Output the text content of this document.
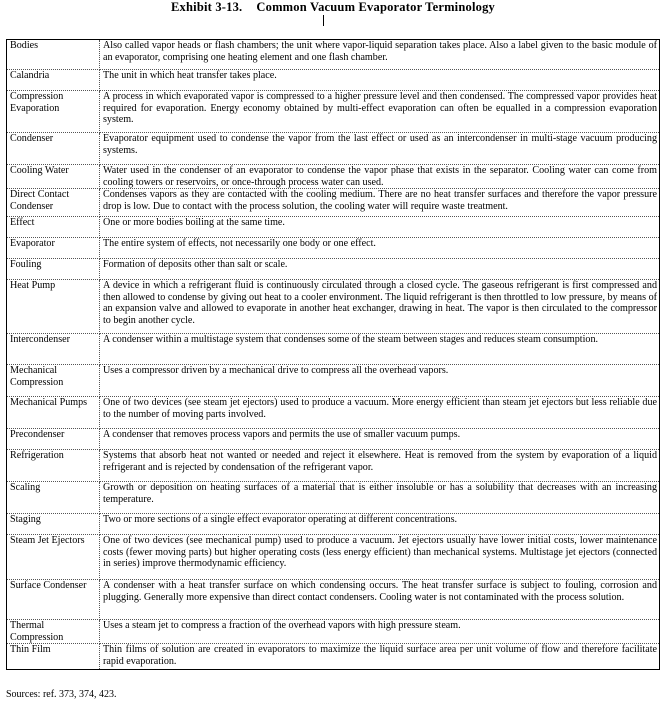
Exhibit 3-13. Common Vacuum Evaporator Terminology
Bodies	Also called vapor heads or flash chambers; the unit where vapor-liquid separation takes place. Also a label given to the basic module of an evaporator, comprising one heating element and one flash chamber.
Calandria	The unit in which heat transfer takes place.
Compression Evaporation	A process in which evaporated vapor is compressed to a higher pressure level and then condensed. The compressed vapor provides heat required for evaporation. Energy economy obtained by multi-effect evaporation can often be equalled in a compression evaporation system.
Condenser	Evaporator equipment used to condense the vapor from the last effect or used as an intercondenser in multi-stage vacuum producing systems.
Cooling Water	Water used in the condenser of an evaporator to condense the vapor phase that exists in the separator. Cooling water can come from cooling towers or reservoirs, or once-through process water can used.
Direct Contact Condenser	Condenses vapors as they are contacted with the cooling medium. There are no heat transfer surfaces and therefore the vapor pressure drop is low. Due to contact with the process solution, the cooling water will require waste treatment.
Effect	One or more bodies boiling at the same time.
Evaporator	The entire system of effects, not necessarily one body or one effect.
Fouling	Formation of deposits other than salt or scale.
Heat Pump	A device in which a refrigerant fluid is continuously circulated through a closed cycle. The gaseous refrigerant is first compressed and then allowed to condense by giving out heat to a cooler environment. The liquid refrigerant is then throttled to low pressure, by means of an expansion valve and allowed to evaporate in another heat exchanger, drawing in heat. The vapor is then circulated to the compressor to begin another cycle.
Intercondenser	A condenser within a multistage system that condenses some of the steam between stages and reduces steam consumption.
Mechanical Compression	Uses a compressor driven by a mechanical drive to compress all the overhead vapors.
Mechanical Pumps	One of two devices (see steam jet ejectors) used to produce a vacuum. More energy efficient than steam jet ejectors but less reliable due to the number of moving parts involved.
Precondenser	A condenser that removes process vapors and permits the use of smaller vacuum pumps.
Refrigeration	Systems that absorb heat not wanted or needed and reject it elsewhere. Heat is removed from the system by evaporation of a liquid refrigerant and is rejected by condensation of the refrigerant vapor.
Scaling	Growth or deposition on heating surfaces of a material that is either insoluble or has a solubility that decreases with an increasing temperature.
Staging	Two or more sections of a single effect evaporator operating at different concentrations.
Steam Jet Ejectors	One of two devices (see mechanical pump) used to produce a vacuum. Jet ejectors usually have lower initial costs, lower maintenance costs (fewer moving parts) but higher operating costs (less energy efficient) than mechanical systems. Multistage jet ejectors (connected in series) improve thermodynamic efficiency.
Surface Condenser	A condenser with a heat transfer surface on which condensing occurs. The heat transfer surface is subject to fouling, corrosion and plugging. Generally more expensive than direct contact condensers. Cooling water is not contaminated with the process solution.
Thermal Compression	Uses a steam jet to compress a fraction of the overhead vapors with high pressure steam.
Thin Film	Thin films of solution are created in evaporators to maximize the liquid surface area per unit volume of flow and therefore facilitate rapid evaporation.
Sources: ref. 373, 374, 423.
